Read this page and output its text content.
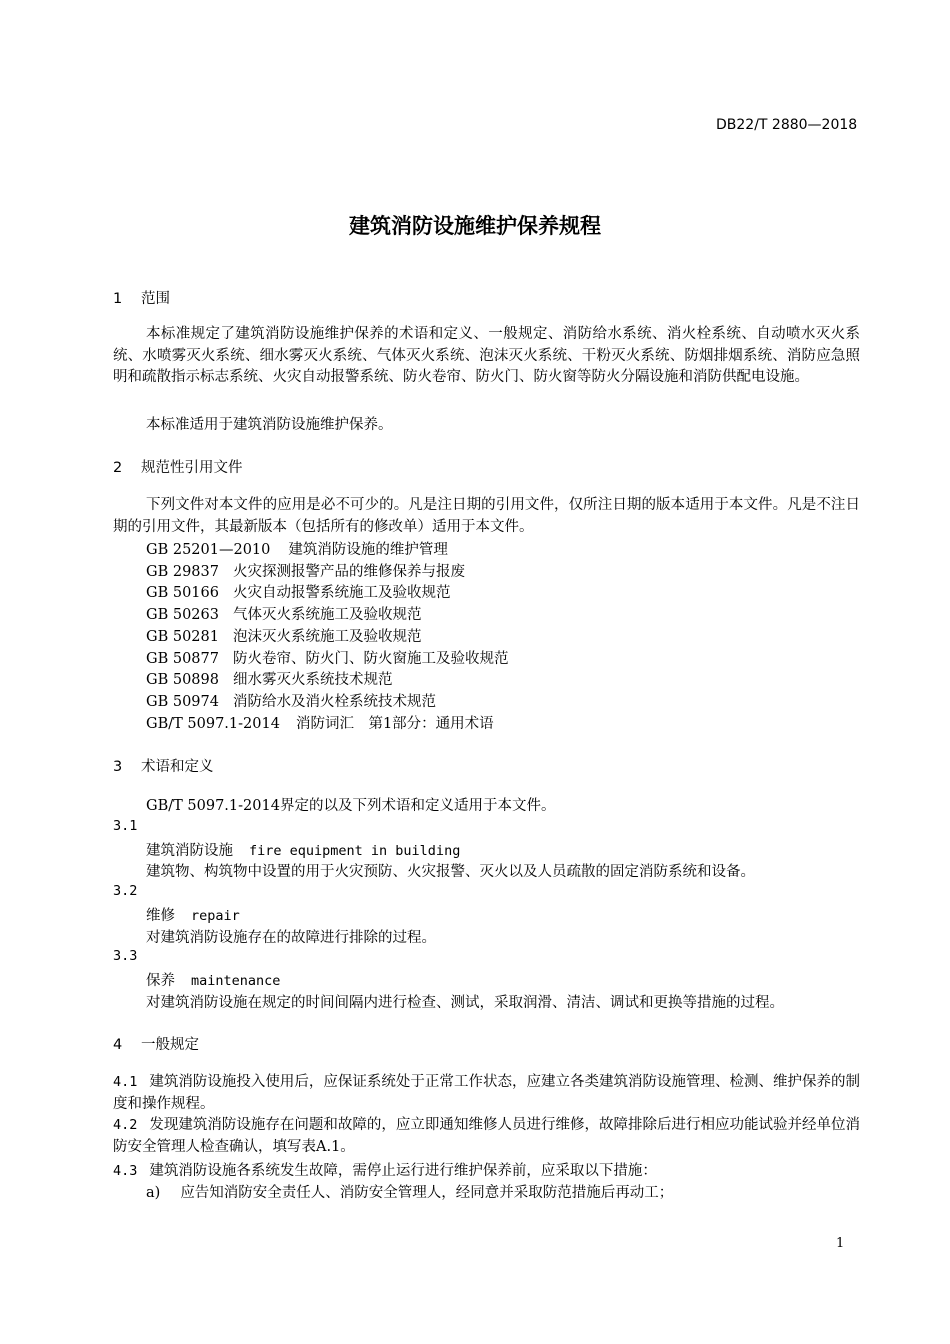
DB22/T 2880—2018
建筑消防设施维护保养规程
1 范围
本标准规定了建筑消防设施维护保养的术语和定义、一般规定、消防给水系统、消火栓系统、自动喷水灭火系统、水喷雾灭火系统、细水雾灭火系统、气体灭火系统、泡沫灭火系统、干粉灭火系统、防烟排烟系统、消防应急照明和疏散指示标志系统、火灾自动报警系统、防火卷帘、防火门、防火窗等防火分隔设施和消防供配电设施。
本标准适用于建筑消防设施维护保养。
2 规范性引用文件
下列文件对本文件的应用是必不可少的。凡是注日期的引用文件，仅所注日期的版本适用于本文件。凡是不注日期的引用文件，其最新版本（包括所有的修改单）适用于本文件。
GB 25201—2010 建筑消防设施的维护管理
GB 29837 火灾探测报警产品的维修保养与报废
GB 50166 火灾自动报警系统施工及验收规范
GB 50263 气体灭火系统施工及验收规范
GB 50281 泡沫灭火系统施工及验收规范
GB 50877 防火卷帘、防火门、防火窗施工及验收规范
GB 50898 细水雾灭火系统技术规范
GB 50974 消防给水及消火栓系统技术规范
GB/T 5097.1-2014 消防词汇　第1部分：通用术语
3 术语和定义
GB/T 5097.1-2014界定的以及下列术语和定义适用于本文件。
3.1
建筑消防设施 fire equipment in building
建筑物、构筑物中设置的用于火灾预防、火灾报警、灭火以及人员疏散的固定消防系统和设备。
3.2
维修 repair
对建筑消防设施存在的故障进行排除的过程。
3.3
保养 maintenance
对建筑消防设施在规定的时间间隔内进行检查、测试，采取润滑、清洁、调试和更换等措施的过程。
4 一般规定
4.1 建筑消防设施投入使用后，应保证系统处于正常工作状态，应建立各类建筑消防设施管理、检测、维护保养的制度和操作规程。
4.2 发现建筑消防设施存在问题和故障的，应立即通知维修人员进行维修，故障排除后进行相应功能试验并经单位消防安全管理人检查确认，填写表A.1。
4.3 建筑消防设施各系统发生故障，需停止运行进行维护保养前，应采取以下措施：
a) 应告知消防安全责任人、消防安全管理人，经同意并采取防范措施后再动工；
1
